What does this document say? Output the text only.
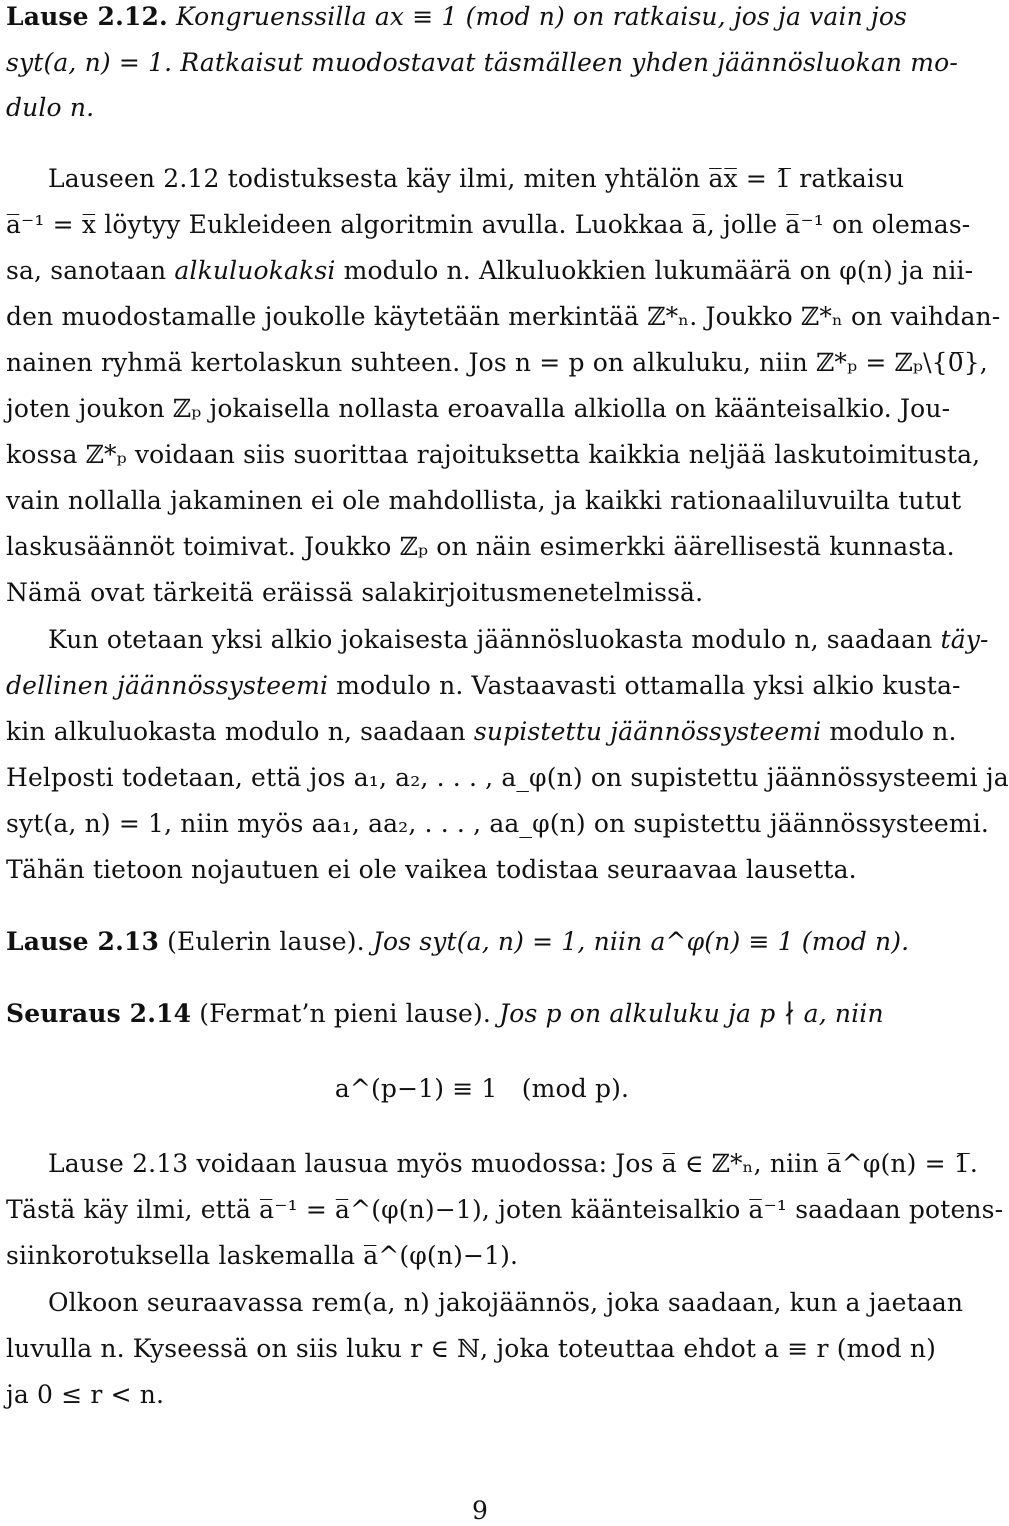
Lause 2.12. Kongruenssilla ax ≡ 1 (mod n) on ratkaisu, jos ja vain jos
syt(a, n) = 1. Ratkaisut muodostavat täsmälleen yhden jäännösluokan mo-
dulo n.
Lauseen 2.12 todistuksesta käy ilmi, miten yhtälön a̅x̅ = 1̅ ratkaisu
a̅⁻¹ = x̅ löytyy Eukleideen algoritmin avulla. Luokkaa a̅, jolle a̅⁻¹ on olemas-
sa, sanotaan alkuluokaksi modulo n. Alkuluokkien lukumäärä on φ(n) ja nii-
den muodostamalle joukolle käytetään merkintää ℤ*ₙ. Joukko ℤ*ₙ on vaihdan-
nainen ryhmä kertolaskun suhteen. Jos n = p on alkuluku, niin ℤ*ₚ = ℤₚ\{0̅},
joten joukon ℤₚ jokaisella nollasta eroavalla alkiolla on käänteisalkio. Jou-
kossa ℤ*ₚ voidaan siis suorittaa rajoituksetta kaikkia neljää laskutoimitusta,
vain nollalla jakaminen ei ole mahdollista, ja kaikki rationaaliluvuilta tutut
laskusäännöt toimivat. Joukko ℤₚ on näin esimerkki äärellisestä kunnasta.
Nämä ovat tärkeitä eräissä salakirjoitusmenetelmissä.
Kun otetaan yksi alkio jokaisesta jäännösluokasta modulo n, saadaan täy-
dellinen jäännössysteemi modulo n. Vastaavasti ottamalla yksi alkio kusta-
kin alkuluokasta modulo n, saadaan supistettu jäännössysteemi modulo n.
Helposti todetaan, että jos a₁, a₂, . . . , a_φ(n) on supistettu jäännössysteemi ja
syt(a, n) = 1, niin myös aa₁, aa₂, . . . , aa_φ(n) on supistettu jäännössysteemi.
Tähän tietoon nojautuen ei ole vaikea todistaa seuraavaa lausetta.
Lause 2.13 (Eulerin lause). Jos syt(a, n) = 1, niin a^φ(n) ≡ 1 (mod n).
Seuraus 2.14 (Fermat’n pieni lause). Jos p on alkuluku ja p ∤ a, niin
a^(p−1) ≡ 1   (mod p).
Lause 2.13 voidaan lausua myös muodossa: Jos a̅ ∈ ℤ*ₙ, niin a̅^φ(n) = 1̅.
Tästä käy ilmi, että a̅⁻¹ = a̅^(φ(n)−1), joten käänteisalkio a̅⁻¹ saadaan potens-
siinkorotuksella laskemalla a̅^(φ(n)−1).
Olkoon seuraavassa rem(a, n) jakojäännös, joka saadaan, kun a jaetaan
luvulla n. Kyseessä on siis luku r ∈ ℕ, joka toteuttaa ehdot a ≡ r (mod n)
ja 0 ≤ r < n.
9
